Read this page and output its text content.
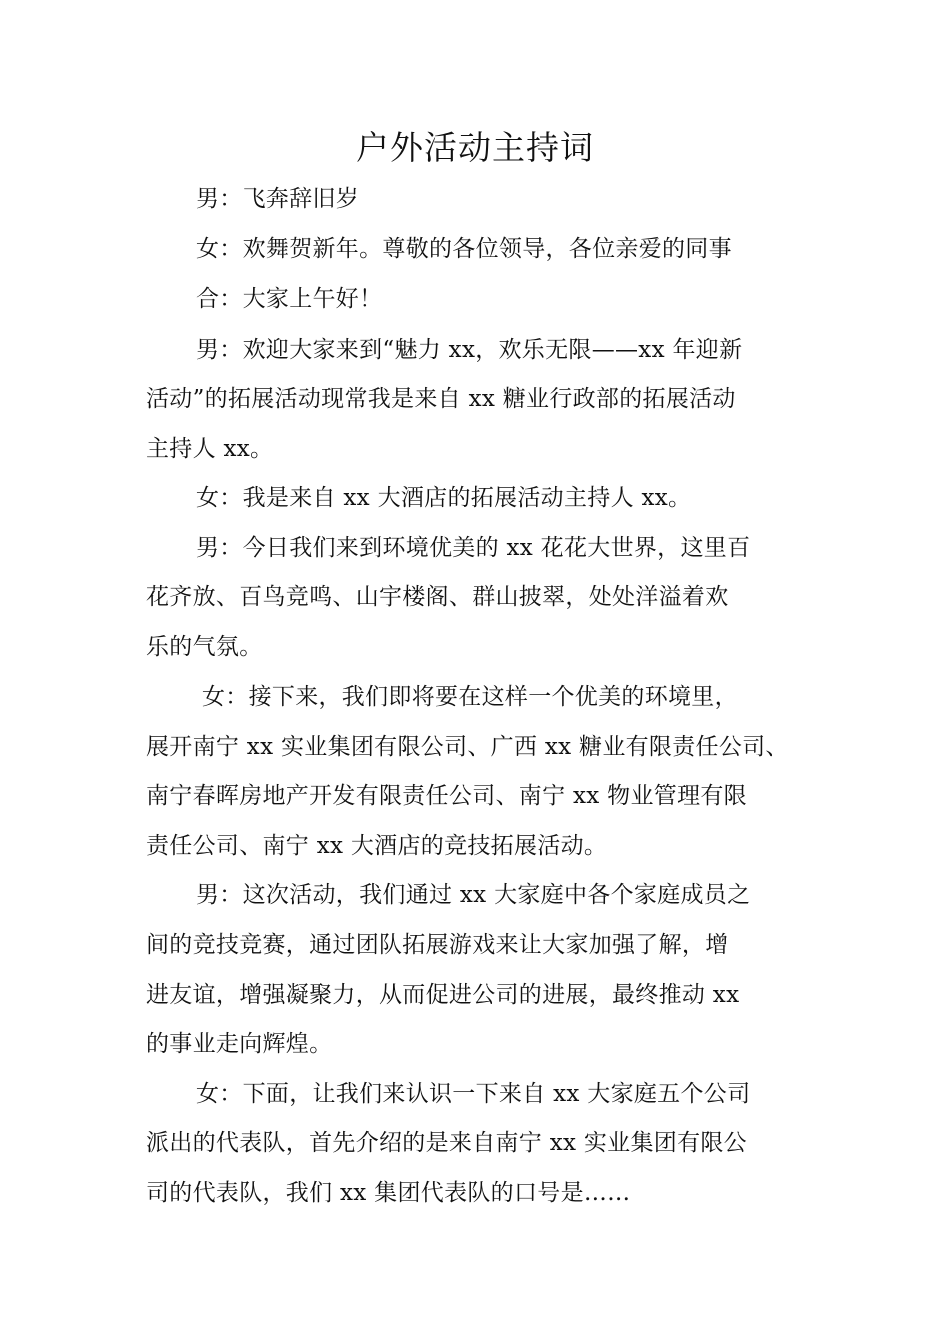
户外活动主持词
男：飞奔辞旧岁
女：欢舞贺新年。尊敬的各位领导，各位亲爱的同事
合：大家上午好！
男：欢迎大家来到“魅力 xx，欢乐无限——xx 年迎新
活动”的拓展活动现常我是来自 xx 糖业行政部的拓展活动
主持人 xx。
女：我是来自 xx 大酒店的拓展活动主持人 xx。
男：今日我们来到环境优美的 xx 花花大世界，这里百
花齐放、百鸟竞鸣、山宇楼阁、群山披翠，处处洋溢着欢
乐的气氛。
女：接下来，我们即将要在这样一个优美的环境里，
展开南宁 xx 实业集团有限公司、广西 xx 糖业有限责任公司、
南宁春晖房地产开发有限责任公司、南宁 xx 物业管理有限
责任公司、南宁 xx 大酒店的竞技拓展活动。
男：这次活动，我们通过 xx 大家庭中各个家庭成员之
间的竞技竞赛，通过团队拓展游戏来让大家加强了解，增
进友谊，增强凝聚力，从而促进公司的进展，最终推动 xx
的事业走向辉煌。
女：下面，让我们来认识一下来自 xx 大家庭五个公司
派出的代表队，首先介绍的是来自南宁 xx 实业集团有限公
司的代表队，我们 xx 集团代表队的口号是……
